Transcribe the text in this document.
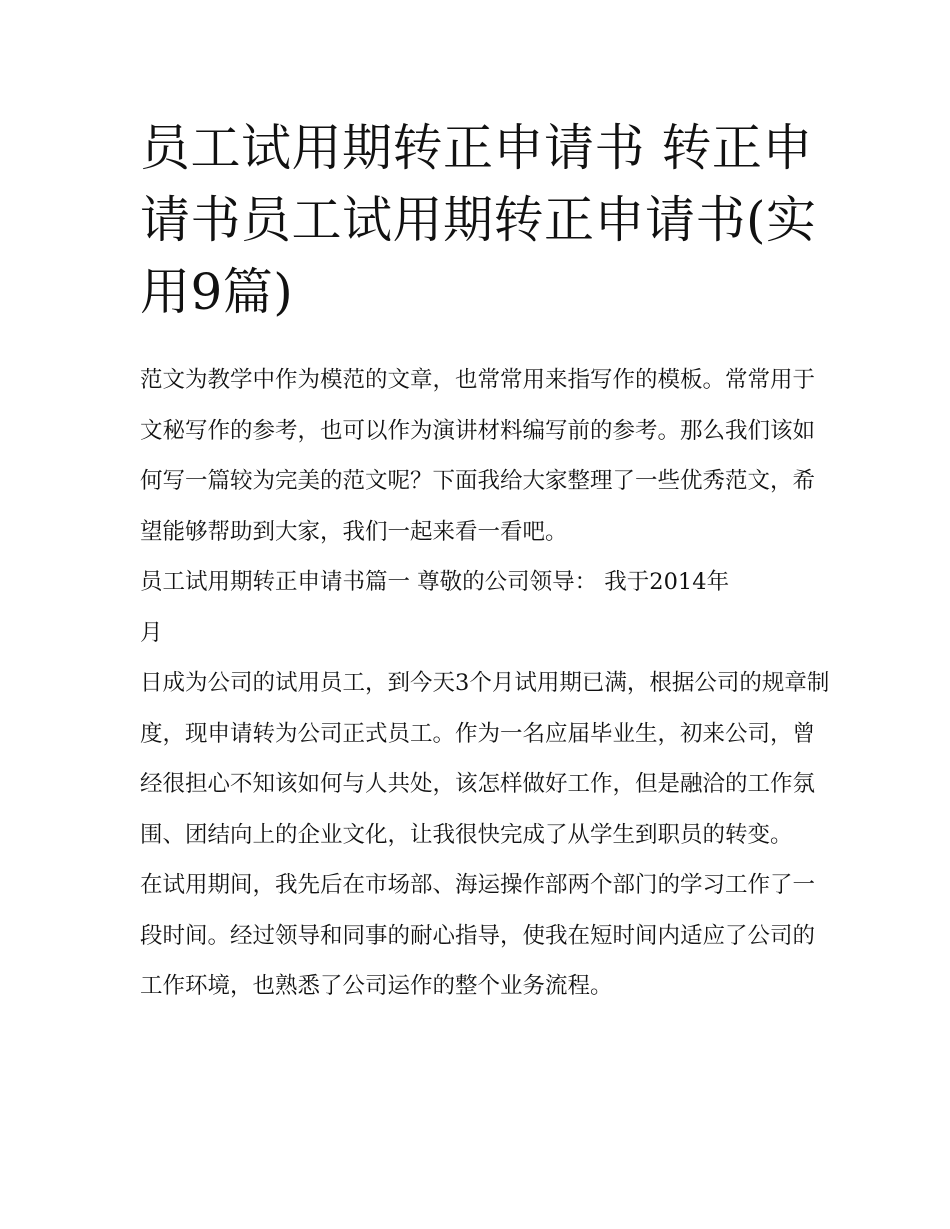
员工试用期转正申请书 转正申请书员工试用期转正申请书(实用9篇)

范文为教学中作为模范的文章，也常常用来指写作的模板。常常用于文秘写作的参考，也可以作为演讲材料编写前的参考。那么我们该如何写一篇较为完美的范文呢？下面我给大家整理了一些优秀范文，希望能够帮助到大家，我们一起来看一看吧。

员工试用期转正申请书篇一 尊敬的公司领导： 我于2014年

月

日成为公司的试用员工，到今天3个月试用期已满，根据公司的规章制度，现申请转为公司正式员工。作为一名应届毕业生，初来公司，曾经很担心不知该如何与人共处，该怎样做好工作，但是融洽的工作氛围、团结向上的企业文化，让我很快完成了从学生到职员的转变。

在试用期间，我先后在市场部、海运操作部两个部门的学习工作了一段时间。经过领导和同事的耐心指导，使我在短时间内适应了公司的工作环境，也熟悉了公司运作的整个业务流程。
